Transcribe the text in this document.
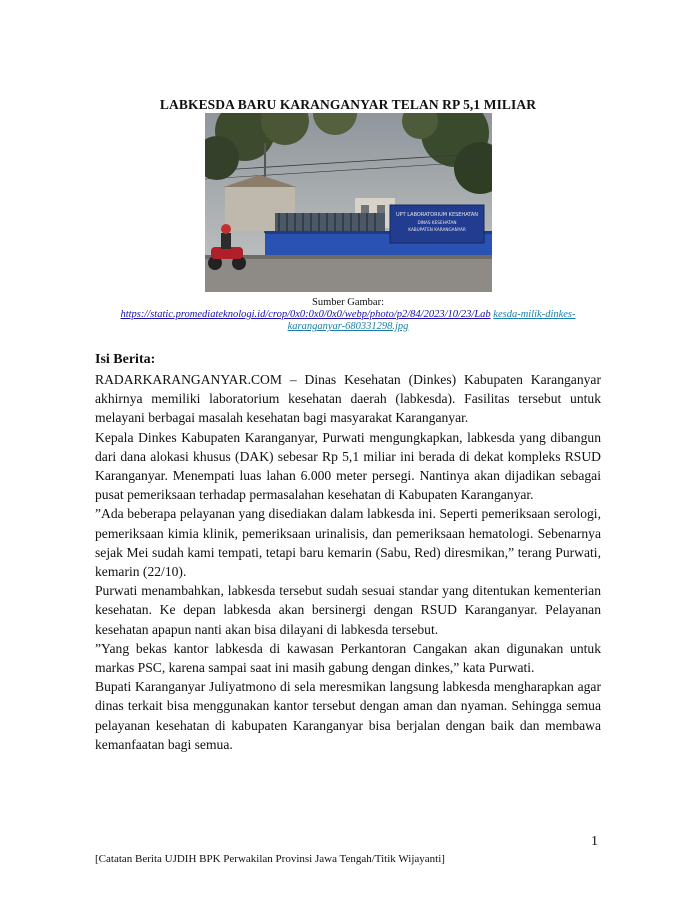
LABKESDA BARU KARANGANYAR TELAN RP 5,1 MILIAR
UPT LABORATORIUM KESEHATAN
DINAS KESEHATAN
KABUPATEN KARANGANYAR
Sumber Gambar:
https://static.promediateknologi.id/crop/0x0:0x0/0x0/webp/photo/p2/84/2023/10/23/Lab kesda-milik-dinkes-
karanganyar-680331298.jpg
Isi Berita:

RADARKARANGANYAR.COM – Dinas Kesehatan (Dinkes) Kabupaten Karanganyar akhirnya memiliki laboratorium kesehatan daerah (labkesda). Fasilitas tersebut untuk melayani berbagai masalah kesehatan bagi masyarakat Karanganyar.

Kepala Dinkes Kabupaten Karanganyar, Purwati mengungkapkan, labkesda yang dibangun dari dana alokasi khusus (DAK) sebesar Rp 5,1 miliar ini berada di dekat kompleks RSUD Karanganyar. Menempati luas lahan 6.000 meter persegi. Nantinya akan dijadikan sebagai pusat pemeriksaan terhadap permasalahan kesehatan di Kabupaten Karanganyar.

”Ada beberapa pelayanan yang disediakan dalam labkesda ini. Seperti pemeriksaan serologi, pemeriksaan kimia klinik, pemeriksaan urinalisis, dan pemeriksaan hematologi. Sebenarnya sejak Mei sudah kami tempati, tetapi baru kemarin (Sabu, Red) diresmikan,” terang Purwati, kemarin (22/10).

Purwati menambahkan, labkesda tersebut sudah sesuai standar yang ditentukan kementerian kesehatan. Ke depan labkesda akan bersinergi dengan RSUD Karanganyar. Pelayanan kesehatan apapun nanti akan bisa dilayani di labkesda tersebut.

”Yang bekas kantor labkesda di kawasan Perkantoran Cangakan akan digunakan untuk markas PSC, karena sampai saat ini masih gabung dengan dinkes,” kata Purwati.

Bupati Karanganyar Juliyatmono di sela meresmikan langsung labkesda mengharapkan agar dinas terkait bisa menggunakan kantor tersebut dengan aman dan nyaman. Sehingga semua pelayanan kesehatan di kabupaten Karanganyar bisa berjalan dengan baik dan membawa kemanfaatan bagi semua.

1
[Catatan Berita UJDIH BPK Perwakilan Provinsi Jawa Tengah/Titik Wijayanti]
